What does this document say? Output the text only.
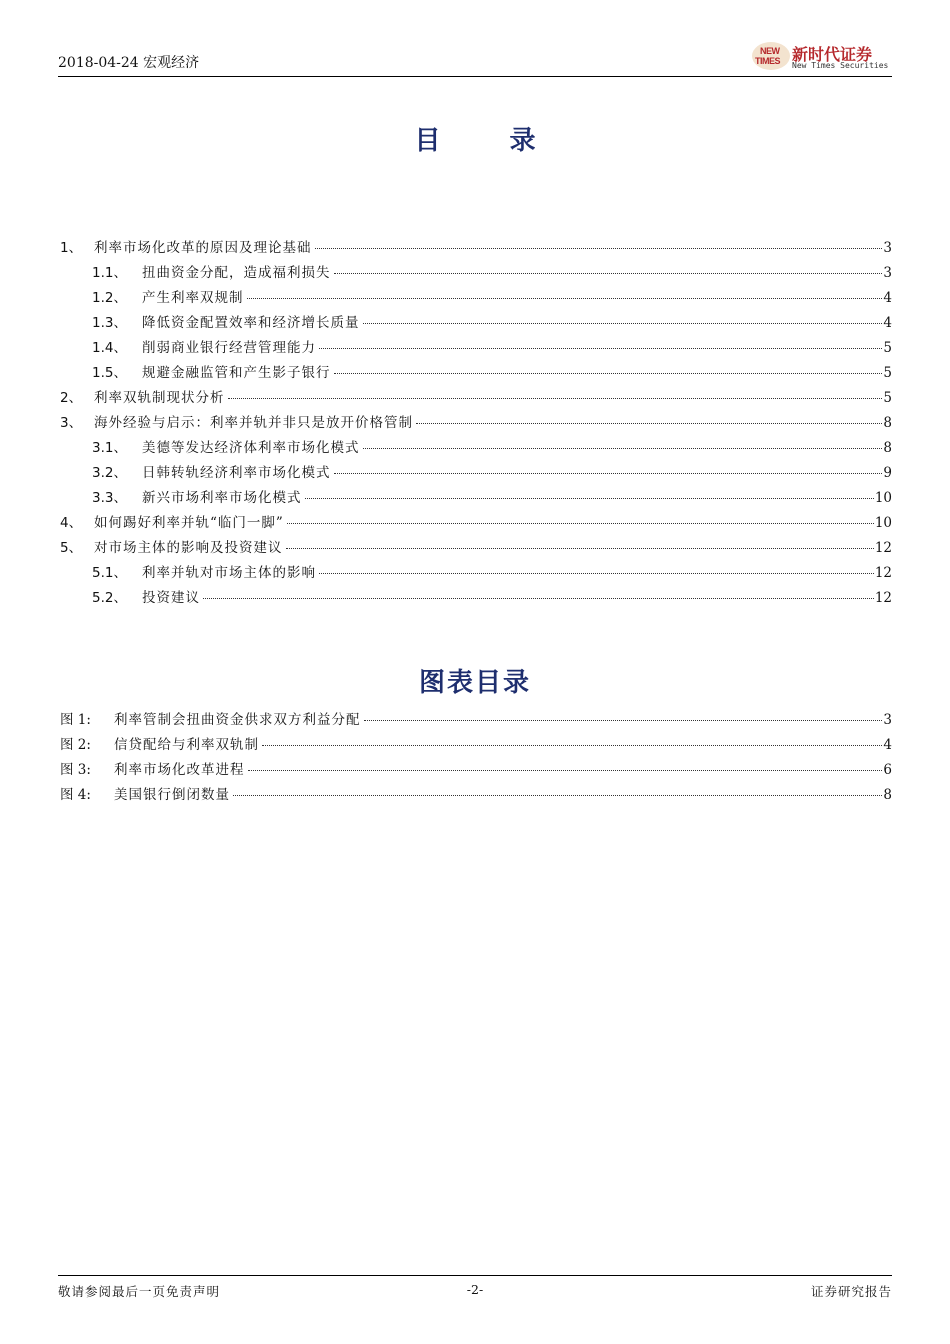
2018-04-24 宏观经济
NEW
TIMES 新时代证券
New Times Securities
目 录
1、 利率市场化改革的原因及理论基础	3
1.1、	扭曲资金分配，造成福利损失	3
1.2、	产生利率双规制	4
1.3、	降低资金配置效率和经济增长质量	4
1.4、	削弱商业银行经营管理能力	5
1.5、	规避金融监管和产生影子银行	5
2、 利率双轨制现状分析	5
3、 海外经验与启示：利率并轨并非只是放开价格管制	8
3.1、	美德等发达经济体利率市场化模式	8
3.2、	日韩转轨经济利率市场化模式	9
3.3、	新兴市场利率市场化模式	10
4、 如何踢好利率并轨“临门一脚”	10
5、 对市场主体的影响及投资建议	12
5.1、	利率并轨对市场主体的影响	12
5.2、	投资建议	12
图表目录
图 1:	利率管制会扭曲资金供求双方利益分配	3
图 2:	信贷配给与利率双轨制	4
图 3:	利率市场化改革进程	6
图 4:	美国银行倒闭数量	8
敬请参阅最后一页免责声明	-2-	证券研究报告
